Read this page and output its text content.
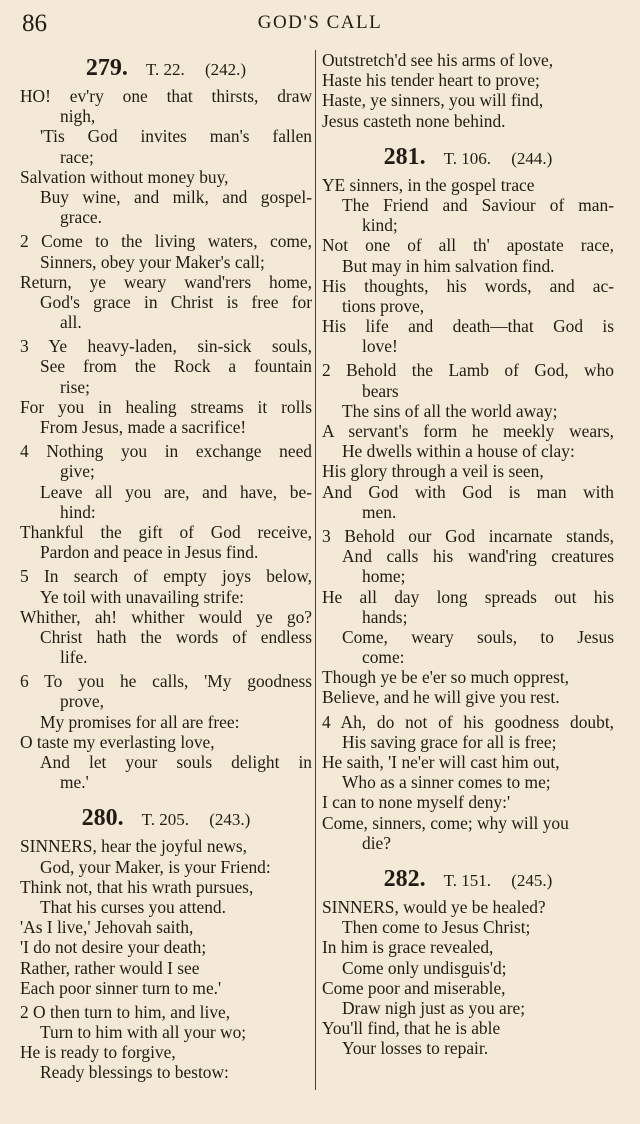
86	GOD'S CALL
279. T. 22. (242.)
HO! ev'ry one that thirsts, draw
nigh,
'Tis God invites man's fallen
race;
Salvation without money buy,
Buy wine, and milk, and gospel-
grace.
2 Come to the living waters, come,
Sinners, obey your Maker's call;
Return, ye weary wand'rers home,
God's grace in Christ is free for
all.
3 Ye heavy-laden, sin-sick souls,
See from the Rock a fountain
rise;
For you in healing streams it rolls
From Jesus, made a sacrifice!
4 Nothing you in exchange need
give;
Leave all you are, and have, be-
hind:
Thankful the gift of God receive,
Pardon and peace in Jesus find.
5 In search of empty joys below,
Ye toil with unavailing strife:
Whither, ah! whither would ye go?
Christ hath the words of endless
life.
6 To you he calls, 'My goodness
prove,
My promises for all are free:
O taste my everlasting love,
And let your souls delight in
me.'
280. T. 205. (243.)
SINNERS, hear the joyful news,
God, your Maker, is your Friend:
Think not, that his wrath pursues,
That his curses you attend.
'As I live,' Jehovah saith,
'I do not desire your death;
Rather, rather would I see
Each poor sinner turn to me.'
2 O then turn to him, and live,
Turn to him with all your wo;
He is ready to forgive,
Ready blessings to bestow:
Outstretch'd see his arms of love,
Haste his tender heart to prove;
Haste, ye sinners, you will find,
Jesus casteth none behind.
281. T. 106. (244.)
YE sinners, in the gospel trace
The Friend and Saviour of man-
kind;
Not one of all th' apostate race,
But may in him salvation find.
His thoughts, his words, and ac-
tions prove,
His life and death—that God is
love!
2 Behold the Lamb of God, who
bears
The sins of all the world away;
A servant's form he meekly wears,
He dwells within a house of clay:
His glory through a veil is seen,
And God with God is man with
men.
3 Behold our God incarnate stands,
And calls his wand'ring creatures
home;
He all day long spreads out his
hands;
Come, weary souls, to Jesus
come:
Though ye be e'er so much opprest,
Believe, and he will give you rest.
4 Ah, do not of his goodness doubt,
His saving grace for all is free;
He saith, 'I ne'er will cast him out,
Who as a sinner comes to me;
I can to none myself deny:'
Come, sinners, come; why will you
die?
282. T. 151. (245.)
SINNERS, would ye be healed?
Then come to Jesus Christ;
In him is grace revealed,
Come only undisguis'd;
Come poor and miserable,
Draw nigh just as you are;
You'll find, that he is able
Your losses to repair.
